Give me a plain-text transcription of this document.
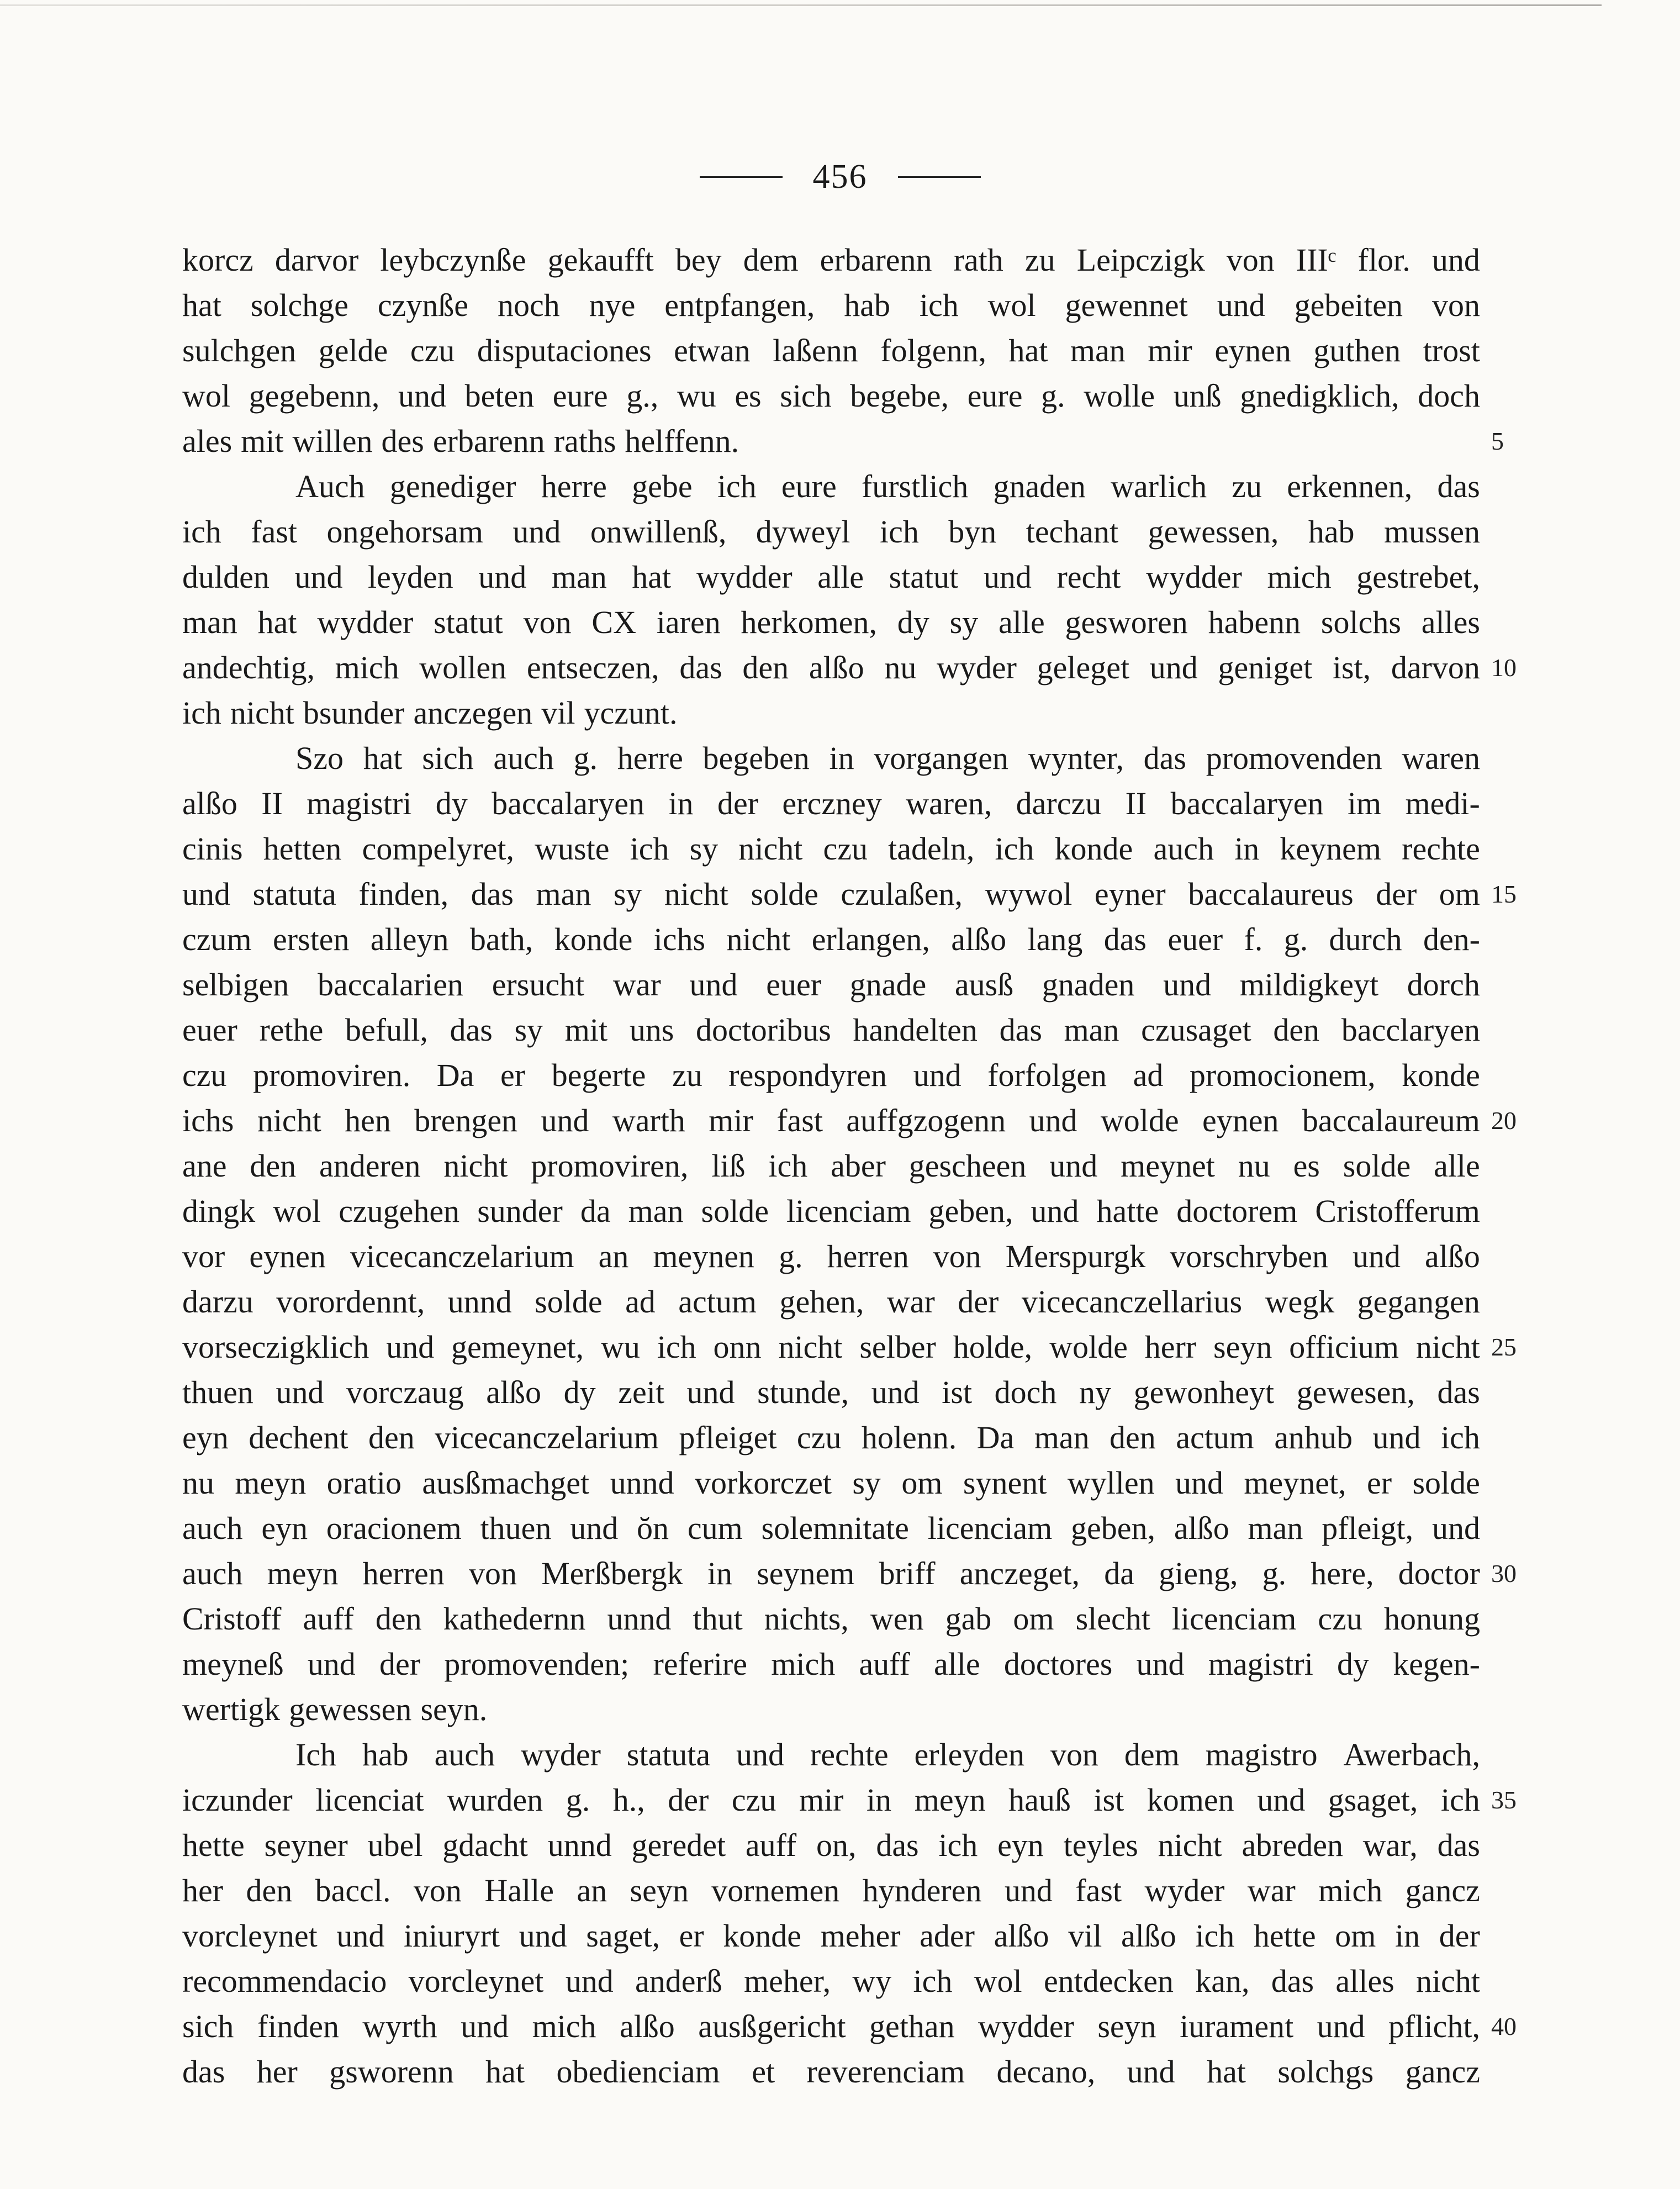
456
korcz darvor leybczynße gekaufft bey dem erbarenn rath zu Leipczigk von IIIᶜ flor. und
hat solchge czynße noch nye entpfangen, hab ich wol gewennet und gebeiten von
sulchgen gelde czu disputaciones etwan laßenn folgenn, hat man mir eynen guthen trost
wol gegebenn, und beten eure g., wu es sich begebe, eure g. wolle unß gnedigklich, doch
ales mit willen des erbarenn raths helffenn.	5
Auch genediger herre gebe ich eure furstlich gnaden warlich zu erkennen, das
ich fast ongehorsam und onwillenß, dyweyl ich byn techant gewessen, hab mussen
dulden und leyden und man hat wydder alle statut und recht wydder mich gestrebet,
man hat wydder statut von CX iaren herkomen, dy sy alle gesworen habenn solchs alles
andechtig, mich wollen entseczen, das den alßo nu wyder geleget und geniget ist, darvon 10
ich nicht bsunder anczegen vil yczunt.
Szo hat sich auch g. herre begeben in vorgangen wynter, das promovenden waren
alßo II magistri dy baccalaryen in der erczney waren, darczu II baccalaryen im medi-
cinis hetten compelyret, wuste ich sy nicht czu tadeln, ich konde auch in keynem rechte
und statuta finden, das man sy nicht solde czulaßen, wywol eyner baccalaureus der om 15
czum ersten alleyn bath, konde ichs nicht erlangen, alßo lang das euer f. g. durch den-
selbigen baccalarien ersucht war und euer gnade ausß gnaden und mildigkeyt dorch
euer rethe befull, das sy mit uns doctoribus handelten das man czusaget den bacclaryen
czu promoviren. Da er begerte zu respondyren und forfolgen ad promocionem, konde
ichs nicht hen brengen und warth mir fast auffgzogenn und wolde eynen baccalaureum 20
ane den anderen nicht promoviren, liß ich aber gescheen und meynet nu es solde alle
dingk wol czugehen sunder da man solde licenciam geben, und hatte doctorem Cristofferum
vor eynen vicecanczelarium an meynen g. herren von Merspurgk vorschryben und alßo
darzu vorordennt, unnd solde ad actum gehen, war der vicecanczellarius wegk gegangen
vorseczigklich und gemeynet, wu ich onn nicht selber holde, wolde herr seyn officium nicht 25
thuen und vorczaug alßo dy zeit und stunde, und ist doch ny gewonheyt gewesen, das
eyn dechent den vicecanczelarium pfleiget czu holenn. Da man den actum anhub und ich
nu meyn oratio ausßmachget unnd vorkorczet sy om synent wyllen und meynet, er solde
auch eyn oracionem thuen und ŏn cum solemnitate licenciam geben, alßo man pfleigt, und
auch meyn herren von Merßbergk in seynem briff anczeget, da gieng, g. here, doctor 30
Cristoff auff den kathedernn unnd thut nichts, wen gab om slecht licenciam czu honung
meyneß und der promovenden; referire mich auff alle doctores und magistri dy kegen-
wertigk gewessen seyn.
Ich hab auch wyder statuta und rechte erleyden von dem magistro Awerbach,
iczunder licenciat wurden g. h., der czu mir in meyn hauß ist komen und gsaget, ich 35
hette seyner ubel gdacht unnd geredet auff on, das ich eyn teyles nicht abreden war, das
her den baccl. von Halle an seyn vornemen hynderen und fast wyder war mich gancz
vorcleynet und iniuryrt und saget, er konde meher ader alßo vil alßo ich hette om in der
recommendacio vorcleynet und anderß meher, wy ich wol entdecken kan, das alles nicht
sich finden wyrth und mich alßo ausßgericht gethan wydder seyn iurament und pflicht, 40
das her gsworenn hat obedienciam et reverenciam decano, und hat solchgs gancz
